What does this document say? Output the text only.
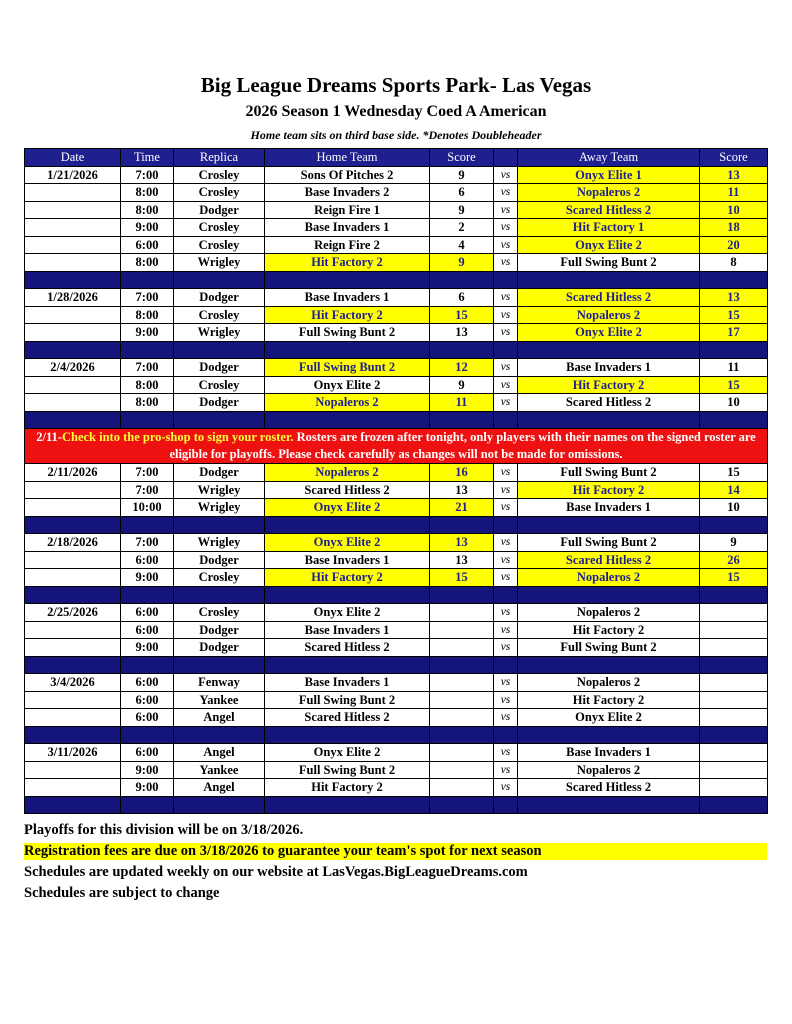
Big League Dreams Sports Park- Las Vegas
2026 Season 1 Wednesday Coed A American
Home team sits on third base side. *Denotes Doubleheader
Date	Time	Replica	Home Team	Score		Away Team	Score
1/21/2026	7:00	Crosley	Sons Of Pitches 2	9	vs	Onyx Elite 1	13
	8:00	Crosley	Base Invaders 2	6	vs	Nopaleros 2	11
	8:00	Dodger	Reign Fire 1	9	vs	Scared Hitless 2	10
	9:00	Crosley	Base Invaders 1	2	vs	Hit Factory 1	18
	6:00	Crosley	Reign Fire 2	4	vs	Onyx Elite 2	20
	8:00	Wrigley	Hit Factory 2	9	vs	Full Swing Bunt 2	8

1/28/2026	7:00	Dodger	Base Invaders 1	6	vs	Scared Hitless 2	13
	8:00	Crosley	Hit Factory 2	15	vs	Nopaleros 2	15
	9:00	Wrigley	Full Swing Bunt 2	13	vs	Onyx Elite 2	17

2/4/2026	7:00	Dodger	Full Swing Bunt 2	12	vs	Base Invaders 1	11
	8:00	Crosley	Onyx Elite 2	9	vs	Hit Factory 2	15
	8:00	Dodger	Nopaleros 2	11	vs	Scared Hitless 2	10

2/11-Check into the pro-shop to sign your roster. Rosters are frozen after tonight, only players with their names on the signed roster are eligible for playoffs. Please check carefully as changes will not be made for omissions.							
2/11/2026	7:00	Dodger	Nopaleros 2	16	vs	Full Swing Bunt 2	15
	7:00	Wrigley	Scared Hitless 2	13	vs	Hit Factory 2	14
	10:00	Wrigley	Onyx Elite 2	21	vs	Base Invaders 1	10

2/18/2026	7:00	Wrigley	Onyx Elite 2	13	vs	Full Swing Bunt 2	9
	6:00	Dodger	Base Invaders 1	13	vs	Scared Hitless 2	26
	9:00	Crosley	Hit Factory 2	15	vs	Nopaleros 2	15

2/25/2026	6:00	Crosley	Onyx Elite 2		vs	Nopaleros 2	
	6:00	Dodger	Base Invaders 1		vs	Hit Factory 2	
	9:00	Dodger	Scared Hitless 2		vs	Full Swing Bunt 2	

3/4/2026	6:00	Fenway	Base Invaders 1		vs	Nopaleros 2	
	6:00	Yankee	Full Swing Bunt 2		vs	Hit Factory 2	
	6:00	Angel	Scared Hitless 2		vs	Onyx Elite 2	

3/11/2026	6:00	Angel	Onyx Elite 2		vs	Base Invaders 1	
	9:00	Yankee	Full Swing Bunt 2		vs	Nopaleros 2	
	9:00	Angel	Hit Factory 2		vs	Scared Hitless 2	

Playoffs for this division will be on 3/18/2026.
Registration fees are due on 3/18/2026 to guarantee your team's spot for next season
Schedules are updated weekly on our website at LasVegas.BigLeagueDreams.com
Schedules are subject to change
